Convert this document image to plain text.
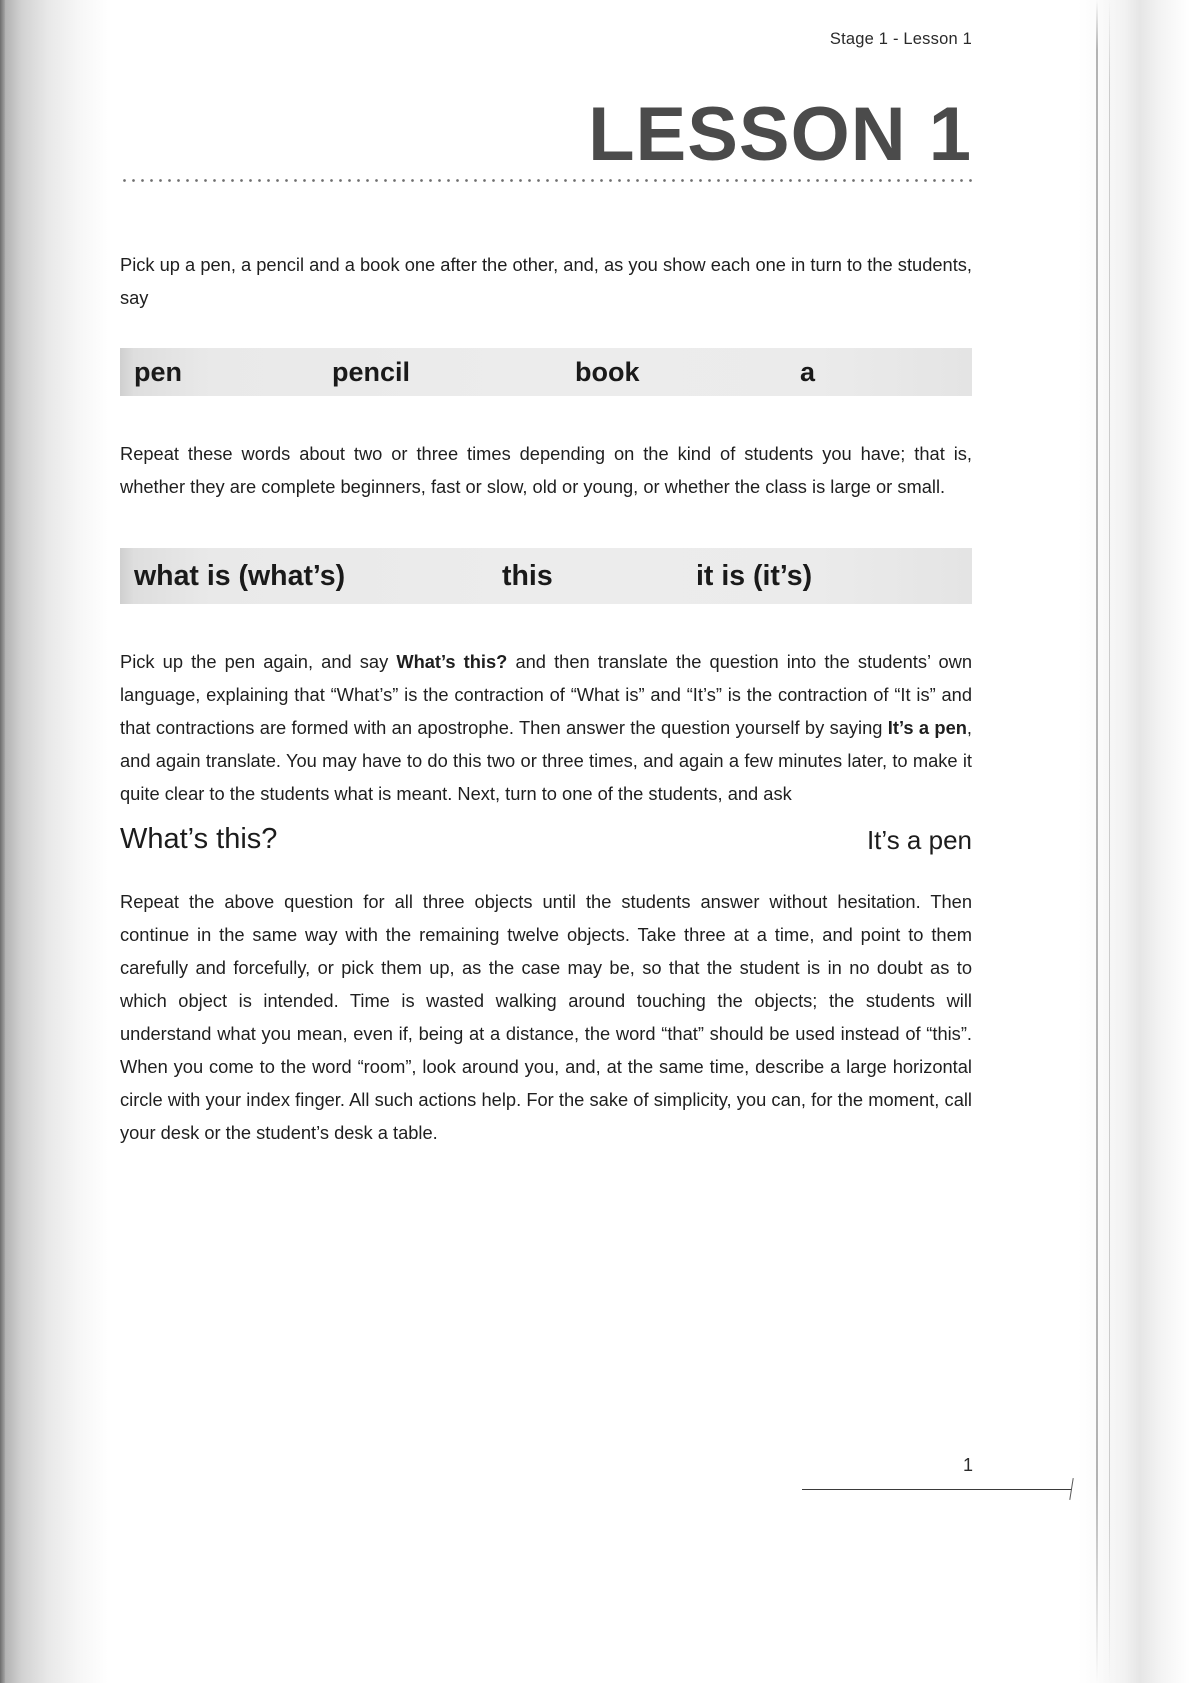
Stage 1 - Lesson 1
LESSON 1

Pick up a pen, a pencil and a book one after the other, and, as you show each one in turn to the students, say

pen	pencil	book	a

Repeat these words about two or three times depending on the kind of students you have; that is, whether they are complete beginners, fast or slow, old or young, or whether the class is large or small.

what is (what’s)	this	it is (it’s)

Pick up the pen again, and say What’s this? and then translate the question into the students’ own language, explaining that “What’s” is the contraction of “What is” and “It’s” is the contraction of “It is” and that contractions are formed with an apostrophe. Then answer the question yourself by saying It’s a pen, and again translate. You may have to do this two or three times, and again a few minutes later, to make it quite clear to the students what is meant. Next, turn to one of the students, and ask

What’s this?	It’s a pen

Repeat the above question for all three objects until the students answer without hesitation. Then continue in the same way with the remaining twelve objects. Take three at a time, and point to them carefully and forcefully, or pick them up, as the case may be, so that the student is in no doubt as to which object is intended. Time is wasted walking around touching the objects; the students will understand what you mean, even if, being at a distance, the word “that” should be used instead of “this”. When you come to the word “room”, look around you, and, at the same time, describe a large horizontal circle with your index finger. All such actions help. For the sake of simplicity, you can, for the moment, call your desk or the student’s desk a table.

1
